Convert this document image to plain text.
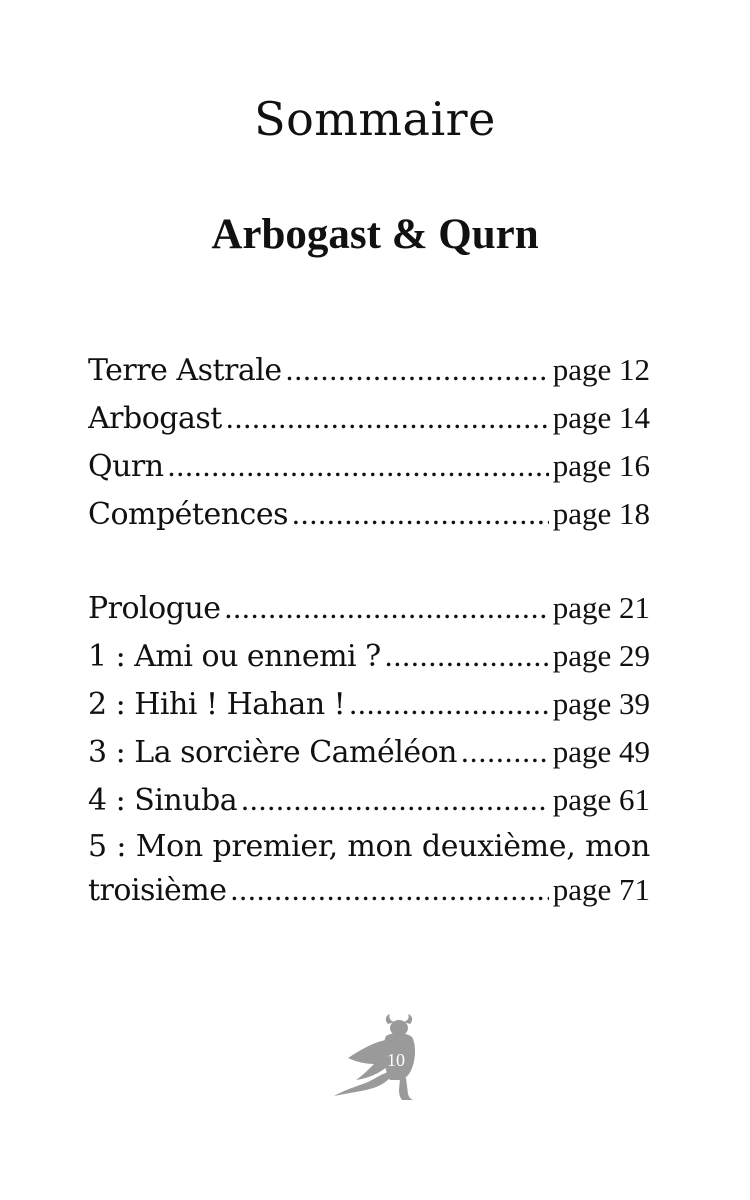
Sommaire
Arbogast & Qurn
Terre Astrale .....	page 12
Arbogast .....	page 14
Qurn .....	page 16
Compétences .....	page 18
Prologue .....	page 21
1 : Ami ou ennemi ? .....	page 29
2 : Hihi ! Hahan ! .....	page 39
3 : La sorcière Caméléon .....	page 49
4 : Sinuba .....	page 61
5 : Mon premier, mon deuxième, mon
troisième .....	page 71
10
